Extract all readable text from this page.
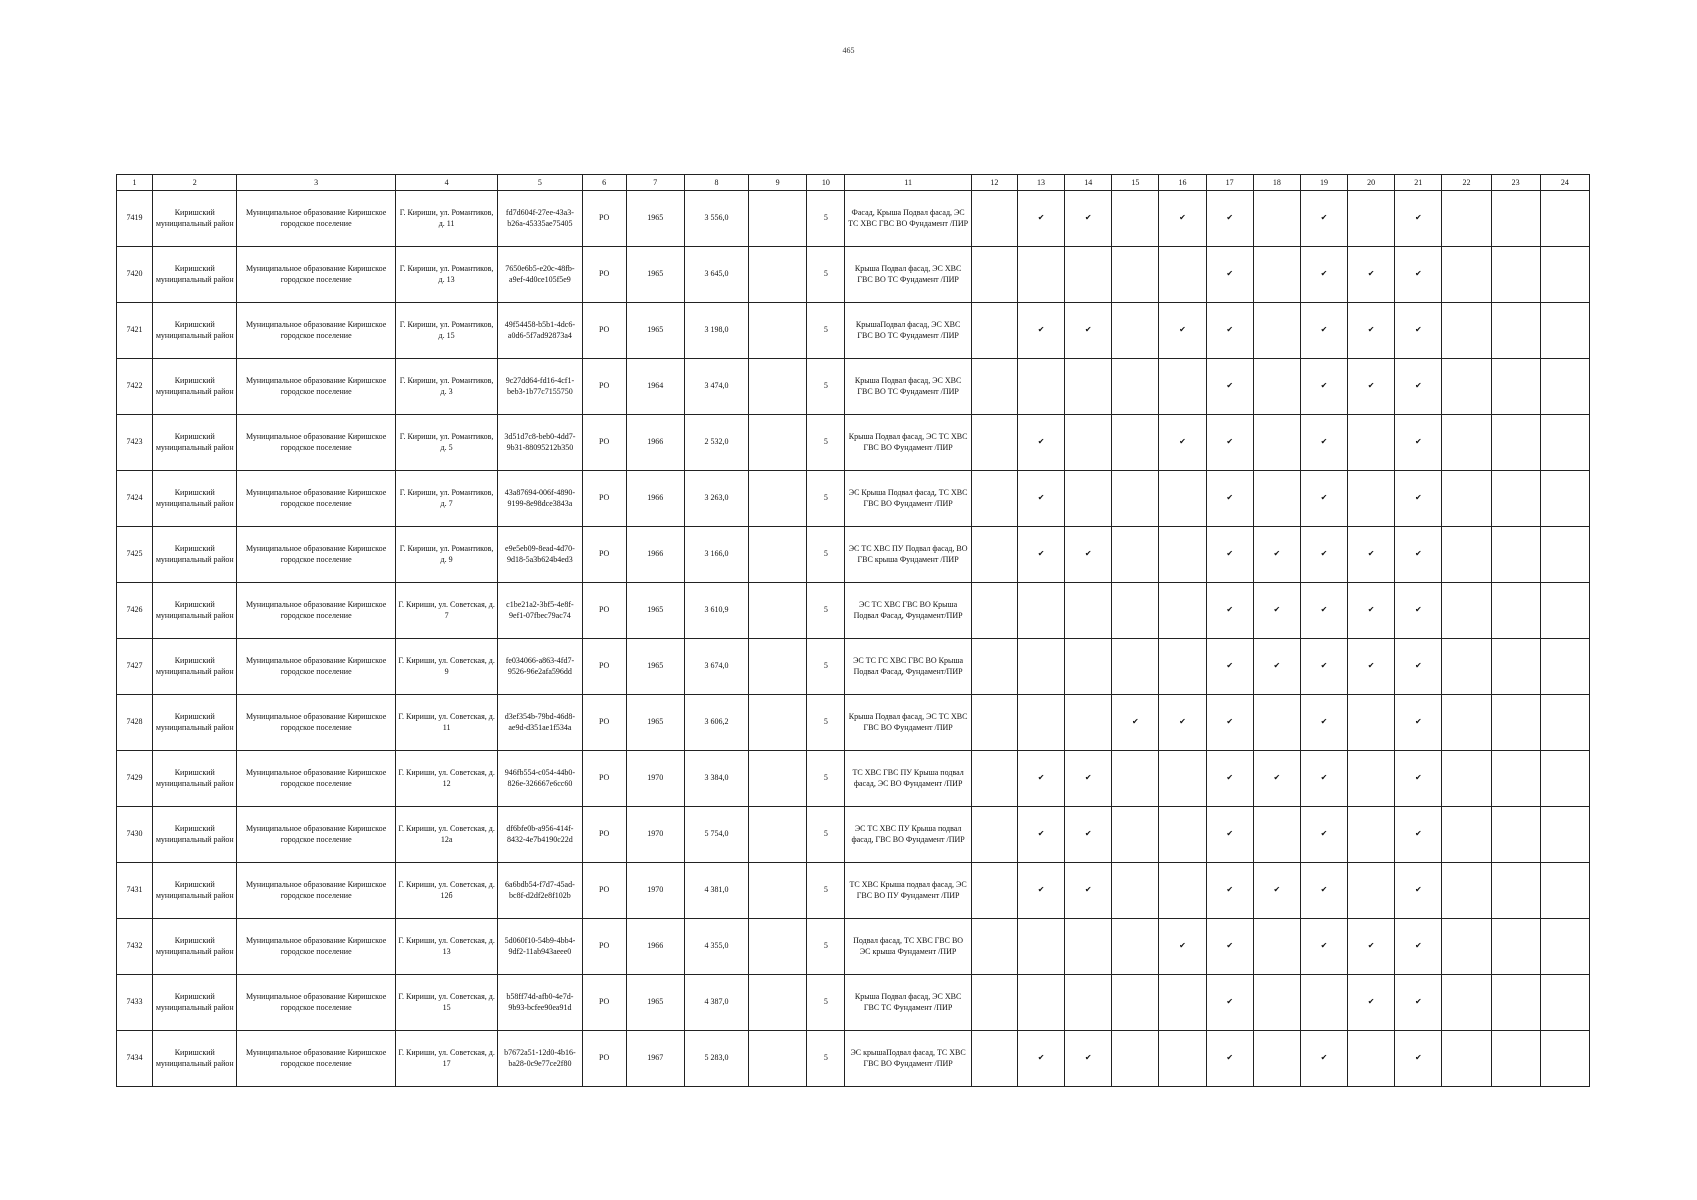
465
1	2	3	4	5	6	7	8	9	10	11	12	13	14	15	16	17	18	19	20	21	22	23	24
7419	Киришский муниципальный район	Муниципальное образование Киришское городское поселение	Г. Кириши, ул. Романтиков, д. 11	fd7d604f-27ee-43a3-b26a-45335ae75405	РО	1965	3 556,0		5	Фасад, Крыша Подвал фасад, ЭС ТС ХВС ГВС ВО Фундамент /ПИР		✔	✔		✔	✔		✔		✔			
7420	Киришский муниципальный район	Муниципальное образование Киришское городское поселение	Г. Кириши, ул. Романтиков, д. 13	7650e6b5-e20c-48fb-a9ef-4d0ce105f5e9	РО	1965	3 645,0		5	Крыша Подвал фасад, ЭС ХВС ГВС ВО ТС Фундамент /ПИР						✔		✔	✔	✔			
7421	Киришский муниципальный район	Муниципальное образование Киришское городское поселение	Г. Кириши, ул. Романтиков, д. 15	49f54458-b5b1-4dc6-a0d6-5f7ad92873a4	РО	1965	3 198,0		5	КрышаПодвал фасад, ЭС ХВС ГВС ВО ТС Фундамент /ПИР		✔	✔		✔	✔		✔	✔	✔			
7422	Киришский муниципальный район	Муниципальное образование Киришское городское поселение	Г. Кириши, ул. Романтиков, д. 3	9c27dd64-fd16-4cf1-beb3-1b77c7155750	РО	1964	3 474,0		5	Крыша Подвал фасад, ЭС ХВС ГВС ВО ТС Фундамент /ПИР						✔		✔	✔	✔			
7423	Киришский муниципальный район	Муниципальное образование Киришское городское поселение	Г. Кириши, ул. Романтиков, д. 5	3d51d7c8-beb0-4dd7-9b31-88095212b350	РО	1966	2 532,0		5	Крыша Подвал фасад, ЭС ТС ХВС ГВС ВО Фундамент /ПИР		✔			✔	✔		✔		✔			
7424	Киришский муниципальный район	Муниципальное образование Киришское городское поселение	Г. Кириши, ул. Романтиков, д. 7	43a87694-006f-4890-9199-8e98dce3843a	РО	1966	3 263,0		5	ЭС Крыша Подвал фасад, ТС ХВС ГВС ВО Фундамент /ПИР		✔				✔		✔		✔			
7425	Киришский муниципальный район	Муниципальное образование Киришское городское поселение	Г. Кириши, ул. Романтиков, д. 9	e9e5eb09-8ead-4d70-9d18-5a3b624b4ed3	РО	1966	3 166,0		5	ЭС ТС ХВС ПУ Подвал фасад, ВО ГВС крыша Фундамент /ПИР		✔	✔			✔	✔	✔	✔	✔			
7426	Киришский муниципальный район	Муниципальное образование Киришское городское поселение	Г. Кириши, ул. Советская, д. 7	c1be21a2-3bf5-4e8f-9ef1-07fbec79ac74	РО	1965	3 610,9		5	ЭС ТС ХВС ГВС ВО Крыша Подвал Фасад, Фундамент/ПИР						✔	✔	✔	✔	✔			
7427	Киришский муниципальный район	Муниципальное образование Киришское городское поселение	Г. Кириши, ул. Советская, д. 9	fe034066-a863-4fd7-9526-96e2afa596dd	РО	1965	3 674,0		5	ЭС ТС ГС ХВС ГВС ВО Крыша Подвал Фасад, Фундамент/ПИР						✔	✔	✔	✔	✔			
7428	Киришский муниципальный район	Муниципальное образование Киришское городское поселение	Г. Кириши, ул. Советская, д. 11	d3ef354b-79bd-46d8-ae9d-d351ae1f534a	РО	1965	3 606,2		5	Крыша Подвал фасад, ЭС ТС ХВС ГВС ВО Фундамент /ПИР				✔	✔	✔		✔		✔			
7429	Киришский муниципальный район	Муниципальное образование Киришское городское поселение	Г. Кириши, ул. Советская, д. 12	946fb554-c054-44b0-826e-326667e6cc60	РО	1970	3 384,0		5	ТС ХВС ГВС ПУ Крыша подвал фасад, ЭС ВО Фундамент /ПИР		✔	✔			✔	✔	✔		✔			
7430	Киришский муниципальный район	Муниципальное образование Киришское городское поселение	Г. Кириши, ул. Советская, д. 12а	df6bfe0b-a956-414f-8432-4e7b4190c22d	РО	1970	5 754,0		5	ЭС ТС ХВС ПУ Крыша подвал фасад, ГВС ВО Фундамент /ПИР		✔	✔			✔		✔		✔			
7431	Киришский муниципальный район	Муниципальное образование Киришское городское поселение	Г. Кириши, ул. Советская, д. 12б	6a6bdb54-f7d7-45ad-bc8f-d2df2e8f102b	РО	1970	4 381,0		5	ТС ХВС Крыша подвал фасад, ЭС ГВС ВО ПУ Фундамент /ПИР		✔	✔			✔	✔	✔		✔			
7432	Киришский муниципальный район	Муниципальное образование Киришское городское поселение	Г. Кириши, ул. Советская, д. 13	5d060f10-54b9-4bb4-9df2-11ab943aeee0	РО	1966	4 355,0		5	Подвал фасад, ТС ХВС ГВС ВО ЭС крыша Фундамент /ПИР					✔	✔		✔	✔	✔			
7433	Киришский муниципальный район	Муниципальное образование Киришское городское поселение	Г. Кириши, ул. Советская, д. 15	b58ff74d-afb0-4e7d-9b93-bcfee90ea91d	РО	1965	4 387,0		5	Крыша Подвал фасад, ЭС ХВС ГВС ТС Фундамент /ПИР						✔			✔	✔			
7434	Киришский муниципальный район	Муниципальное образование Киришское городское поселение	Г. Кириши, ул. Советская, д. 17	b7672a51-12d0-4b16-ba28-0c9e77ce2f80	РО	1967	5 283,0		5	ЭС крышаПодвал фасад, ТС ХВС ГВС ВО Фундамент /ПИР		✔	✔			✔		✔		✔			
